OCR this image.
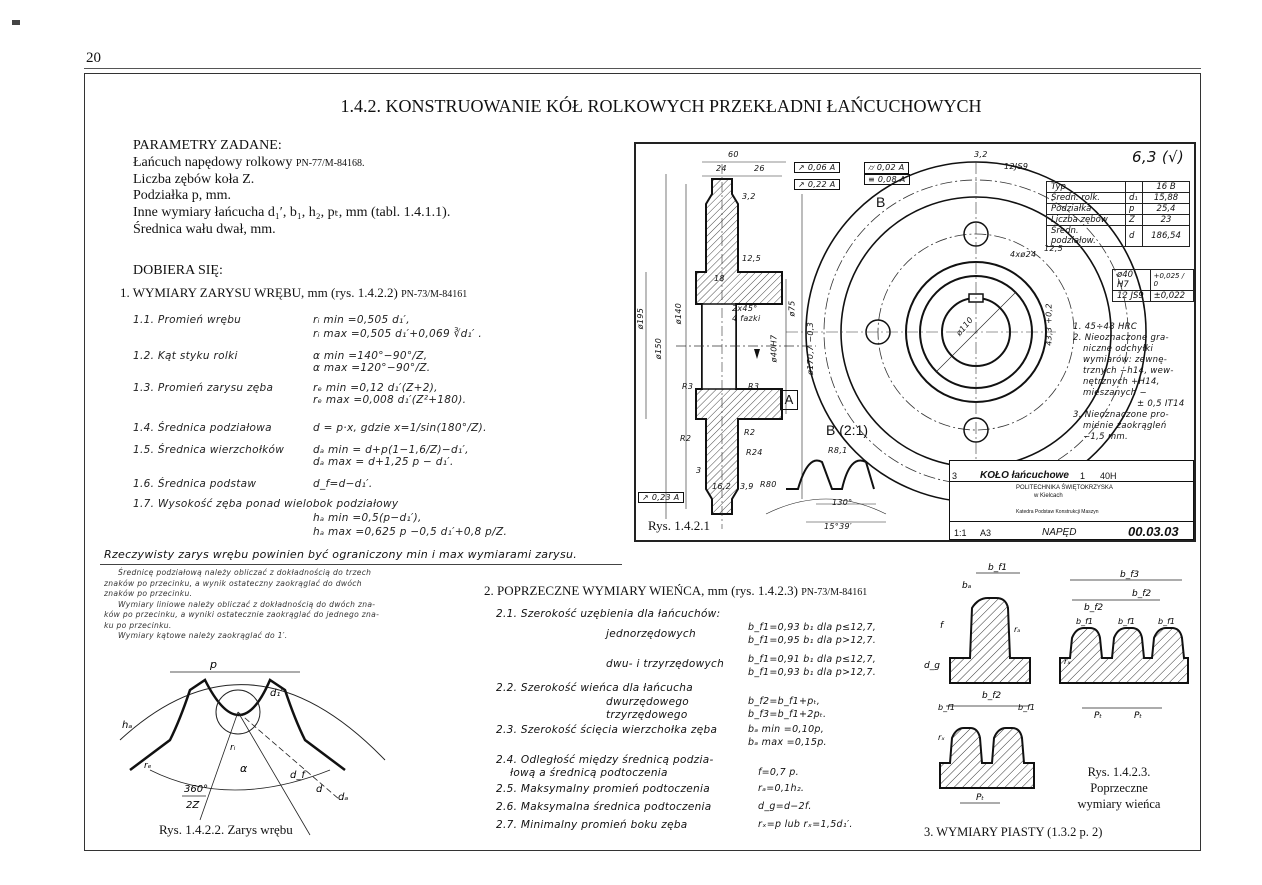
20
1.4.2. KONSTRUOWANIE KÓŁ ROLKOWYCH PRZEKŁADNI ŁAŃCUCHOWYCH
PARAMETRY ZADANE:
Łańcuch napędowy rolkowy PN-77/M-84168.
Liczba zębów koła Z.
Podziałka p, mm.
Inne wymiary łańcucha d₁′, b₁, h₂, pₜ, mm (tabl. 1.4.1.1).
Średnica wału dwał, mm.
DOBIERA SIĘ:
1. WYMIARY ZARYSU WRĘBU, mm (rys. 1.4.2.2) PN-73/M-84161
1.1. Promień wrębu	rᵢ min =0,505 d₁′,
rᵢ max =0,505 d₁′+0,069 ∛d₁′ .
1.2. Kąt styku rolki	α min =140°−90°/Z,
α max =120°−90°/Z.
1.3. Promień zarysu zęba	rₑ min =0,12 d₁′(Z+2),
rₑ max =0,008 d₁′(Z²+180).
1.4. Średnica podziałowa	d = p·x, gdzie x=1/sin(180°/Z).
1.5. Średnica wierzchołków	dₐ min = d+p(1−1,6/Z)−d₁′,
dₐ max = d+1,25 p − d₁′.
1.6. Średnica podstaw	d_f=d−d₁′.
1.7. Wysokość zęba ponad wielobok podziałowy
hₐ min =0,5(p−d₁′),
hₐ max =0,625 p −0,5 d₁′+0,8 p/Z.
Rzeczywisty zarys wrębu powinien być ograniczony min i max wymiarami zarysu.
Średnicę podziałową należy obliczać z dokładnością do trzech
znaków po przecinku, a wynik ostateczny zaokrąglać do dwóch
znaków po przecinku.
Wymiary liniowe należy obliczać z dokładnością do dwóch zna-
ków po przecinku, a wyniki ostatecznie zaokrąglać do jednego zna-
ku po przecinku.
Wymiary kątowe należy zaokrąglać do 1′.
p
hₐ
rᵢ
rₑ	α
d₁′
360°
2Z
d
dₐ
d_f
Rys. 1.4.2.2. Zarys wrębu
2. POPRZECZNE WYMIARY WIEŃCA, mm (rys. 1.4.2.3) PN-73/M-84161
2.1. Szerokość uzębienia dla łańcuchów:
jednorzędowych
b_f1=0,93 b₁ dla p≤12,7,
b_f1=0,95 b₁ dla p>12,7.
dwu- i trzyrzędowych	b_f1=0,91 b₁ dla p≤12,7,
b_f1=0,93 b₁ dla p>12,7.
2.2. Szerokość wieńca dla łańcucha
dwurzędowego
trzyrzędowego
b_f2=b_f1+pₜ,
b_f3=b_f1+2pₜ.
2.3. Szerokość ścięcia wierzchołka zęba	bₐ min =0,10p,
bₐ max =0,15p.
2.4. Odległość między średnicą podzia-
łową a średnicą podtoczenia	f=0,7 p.
2.5. Maksymalny promień podtoczenia	rₐ=0,1h₂.
2.6. Maksymalna średnica podtoczenia	d_g=d−2f.
2.7. Minimalny promień boku zęba	rₓ=p lub rₓ=1,5d₁′.
b_f1
bₐ
f
d_g
rₐ
b_f3
b_f2
b_f2
b_f1	b_f1	b_f1
rₓ
Pₜ	Pₜ
b_f2
b_f1	b_f1
rₓ
Pₜ
Rys. 1.4.2.3.
Poprzeczne
wymiary wieńca
3. WYMIARY PIASTY (1.3.2 p. 2)
60
24	26
3,2
12,5
18
2x45°
4 fazki
ø195	ø140
ø150	ø40H7
ø75
ø170,7 −0,3
R3	R3
R2
R2
R24
3
16,2 3,9 R80
R8,1
130°
15°39′
ø110	43,3 +0,2
12JS9
4xø24
3,2
12,5
A
B
B (2:1)
↗ 0,06 A
↗ 0,22 A
⌭ 0,02 A
≡ 0,08 A
↗ 0,23 A
6,3 (√)
Typ		16 B
Średn. rolk.	d₁	15,88
Podziałka	p	25,4
Liczba zębów	Z	23
Średn. podziałow.	d	186,54
ø40 H7	+0,025 / 0
12 JS9	±0,022
1. 45÷48 HRC
2. Nieoznaczone gra-
niczne odchyłki
wymiarów: zewnę-
trznych −h14, wew-
nętrznych +H14,
mieszanych −
± 0,5 IT14
3. Nieoznaczone pro-
mienie zaokrągleń
−1,5 mm.
3 KOŁO łańcuchowe 1 40H
POLITECHNIKA ŚWIĘTOKRZYSKA
w Kielcach
Katedra Podstaw Konstrukcji Maszyn
1:1 A3	NAPĘD	00.03.03
Rys. 1.4.2.1
